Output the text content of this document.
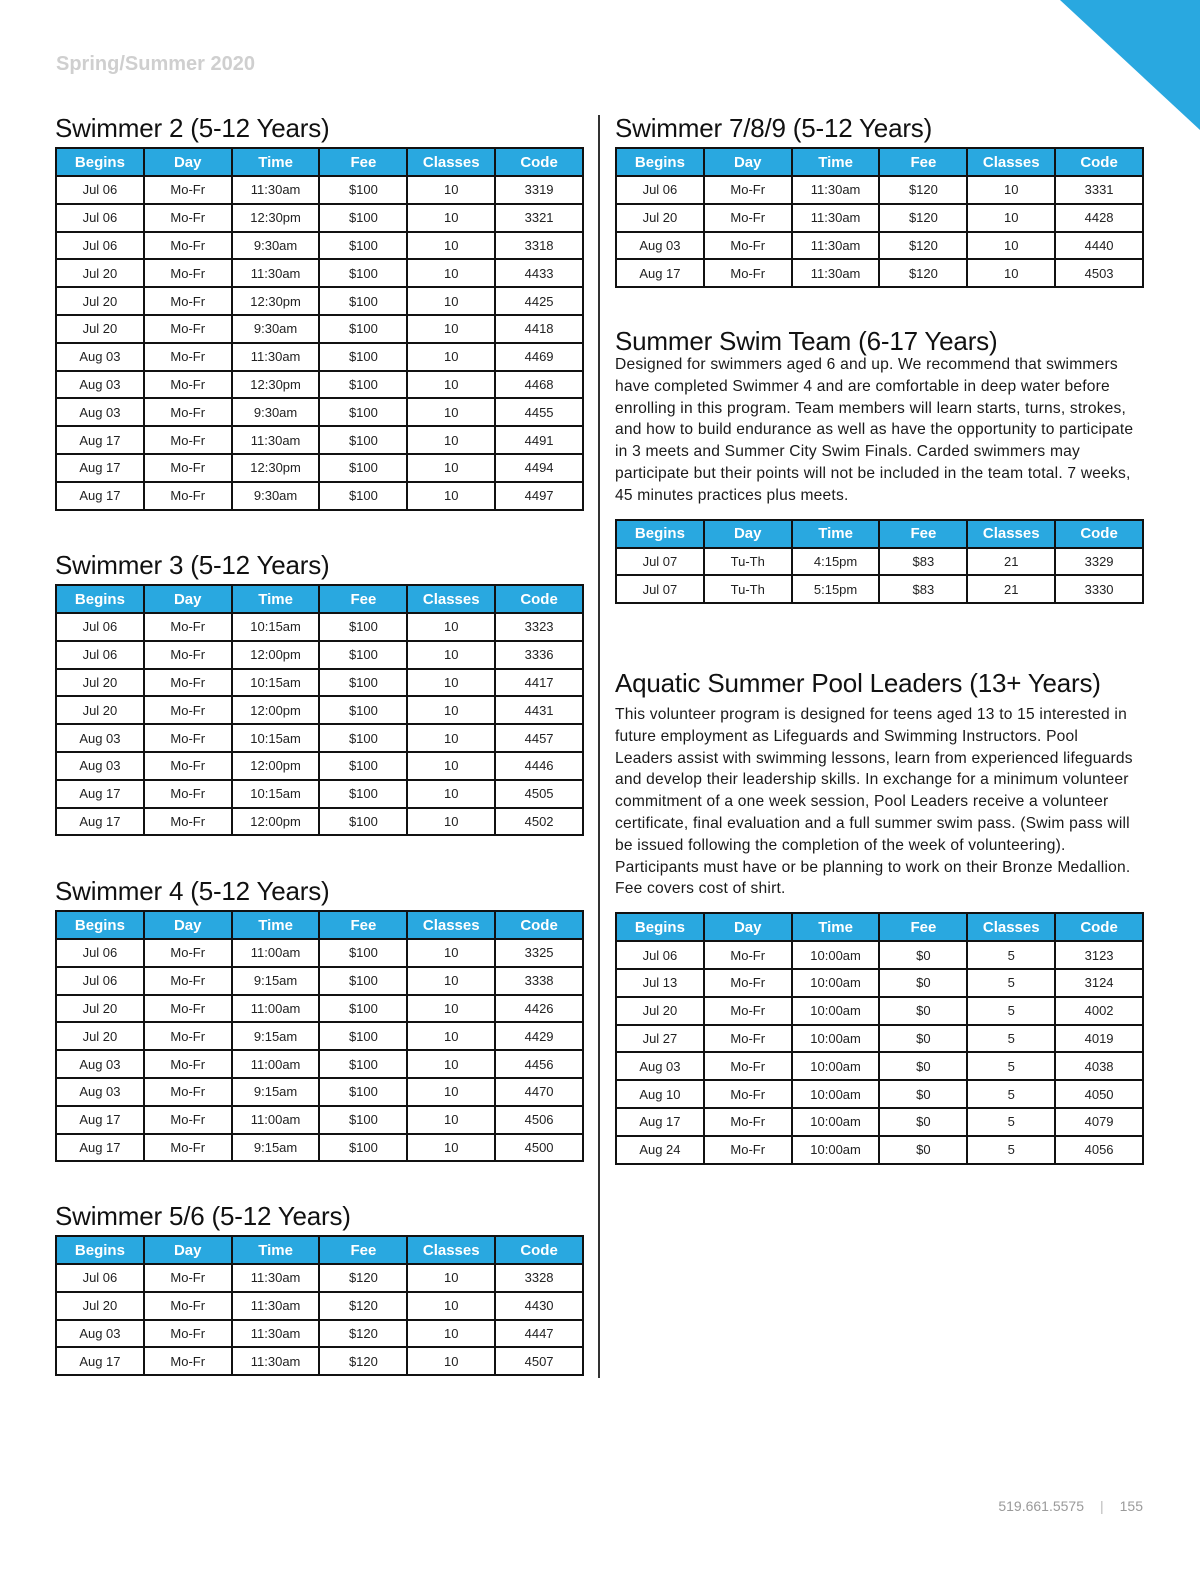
Spring/Summer 2020
Swimmer 2 (5-12 Years)
Begins	Day	Time	Fee	Classes	Code
Jul 06	Mo-Fr	11:30am	$100	10	3319
Jul 06	Mo-Fr	12:30pm	$100	10	3321
Jul 06	Mo-Fr	9:30am	$100	10	3318
Jul 20	Mo-Fr	11:30am	$100	10	4433
Jul 20	Mo-Fr	12:30pm	$100	10	4425
Jul 20	Mo-Fr	9:30am	$100	10	4418
Aug 03	Mo-Fr	11:30am	$100	10	4469
Aug 03	Mo-Fr	12:30pm	$100	10	4468
Aug 03	Mo-Fr	9:30am	$100	10	4455
Aug 17	Mo-Fr	11:30am	$100	10	4491
Aug 17	Mo-Fr	12:30pm	$100	10	4494
Aug 17	Mo-Fr	9:30am	$100	10	4497
Swimmer 3 (5-12 Years)
Begins	Day	Time	Fee	Classes	Code
Jul 06	Mo-Fr	10:15am	$100	10	3323
Jul 06	Mo-Fr	12:00pm	$100	10	3336
Jul 20	Mo-Fr	10:15am	$100	10	4417
Jul 20	Mo-Fr	12:00pm	$100	10	4431
Aug 03	Mo-Fr	10:15am	$100	10	4457
Aug 03	Mo-Fr	12:00pm	$100	10	4446
Aug 17	Mo-Fr	10:15am	$100	10	4505
Aug 17	Mo-Fr	12:00pm	$100	10	4502
Swimmer 4 (5-12 Years)
Begins	Day	Time	Fee	Classes	Code
Jul 06	Mo-Fr	11:00am	$100	10	3325
Jul 06	Mo-Fr	9:15am	$100	10	3338
Jul 20	Mo-Fr	11:00am	$100	10	4426
Jul 20	Mo-Fr	9:15am	$100	10	4429
Aug 03	Mo-Fr	11:00am	$100	10	4456
Aug 03	Mo-Fr	9:15am	$100	10	4470
Aug 17	Mo-Fr	11:00am	$100	10	4506
Aug 17	Mo-Fr	9:15am	$100	10	4500
Swimmer 5/6 (5-12 Years)
Begins	Day	Time	Fee	Classes	Code
Jul 06	Mo-Fr	11:30am	$120	10	3328
Jul 20	Mo-Fr	11:30am	$120	10	4430
Aug 03	Mo-Fr	11:30am	$120	10	4447
Aug 17	Mo-Fr	11:30am	$120	10	4507
Swimmer 7/8/9 (5-12 Years)
Begins	Day	Time	Fee	Classes	Code
Jul 06	Mo-Fr	11:30am	$120	10	3331
Jul 20	Mo-Fr	11:30am	$120	10	4428
Aug 03	Mo-Fr	11:30am	$120	10	4440
Aug 17	Mo-Fr	11:30am	$120	10	4503
Summer Swim Team (6-17 Years)

Designed for swimmers aged 6 and up. We recommend that swimmers have completed Swimmer 4 and are comfortable in deep water before enrolling in this program. Team members will learn starts, turns, strokes, and how to build endurance as well as have the opportunity to participate in 3 meets and Summer City Swim Finals. Carded swimmers may participate but their points will not be included in the team total. 7 weeks, 45 minutes practices plus meets.

Begins	Day	Time	Fee	Classes	Code
Jul 07	Tu-Th	4:15pm	$83	21	3329
Jul 07	Tu-Th	5:15pm	$83	21	3330
Aquatic Summer Pool Leaders (13+ Years)

This volunteer program is designed for teens aged 13 to 15 interested in future employment as Lifeguards and Swimming Instructors. Pool Leaders assist with swimming lessons, learn from experienced lifeguards and develop their leadership skills. In exchange for a minimum volunteer commitment of a one week session, Pool Leaders receive a volunteer certificate, final evaluation and a full summer swim pass. (Swim pass will be issued following the completion of the week of volunteering). Participants must have or be planning to work on their Bronze Medallion. Fee covers cost of shirt.

Begins	Day	Time	Fee	Classes	Code
Jul 06	Mo-Fr	10:00am	$0	5	3123
Jul 13	Mo-Fr	10:00am	$0	5	3124
Jul 20	Mo-Fr	10:00am	$0	5	4002
Jul 27	Mo-Fr	10:00am	$0	5	4019
Aug 03	Mo-Fr	10:00am	$0	5	4038
Aug 10	Mo-Fr	10:00am	$0	5	4050
Aug 17	Mo-Fr	10:00am	$0	5	4079
Aug 24	Mo-Fr	10:00am	$0	5	4056
519.661.5575 | 155
